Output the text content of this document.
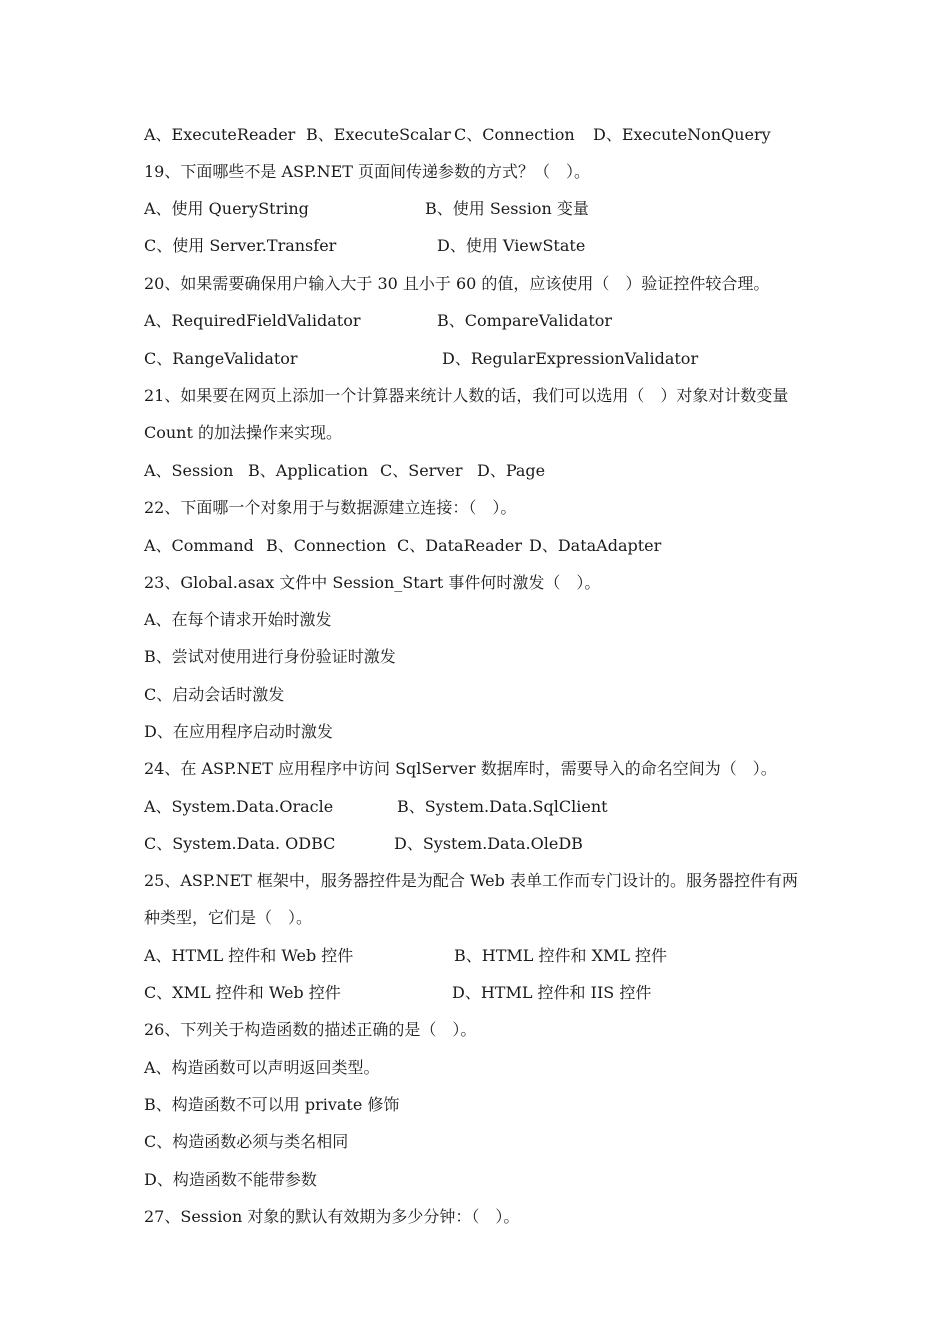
A、ExecuteReader B、ExecuteScalar C、Connection D、ExecuteNonQuery
19、下面哪些不是 ASP.NET 页面间传递参数的方式？（　）。
A、使用 QueryString	B、使用 Session 变量
C、使用 Server.Transfer	D、使用 ViewState
20、如果需要确保用户输入大于 30 且小于 60 的值，应该使用（　）验证控件较合理。
A、RequiredFieldValidator	B、CompareValidator
C、RangeValidator	D、RegularExpressionValidator
21、如果要在网页上添加一个计算器来统计人数的话，我们可以选用（　）对象对计数变量
Count 的加法操作来实现。
A、Session B、Application C、Server D、Page
22、下面哪一个对象用于与数据源建立连接：（　）。
A、Command B、Connection C、DataReader D、DataAdapter
23、Global.asax 文件中 Session_Start 事件何时激发（　）。
A、在每个请求开始时激发
B、尝试对使用进行身份验证时激发
C、启动会话时激发
D、在应用程序启动时激发
24、在 ASP.NET 应用程序中访问 SqlServer 数据库时，需要导入的命名空间为（　）。
A、System.Data.Oracle	B、System.Data.SqlClient
C、System.Data. ODBC	D、System.Data.OleDB
25、ASP.NET 框架中，服务器控件是为配合 Web 表单工作而专门设计的。服务器控件有两
种类型，它们是（　）。
A、HTML 控件和 Web 控件	B、HTML 控件和 XML 控件
C、XML 控件和 Web 控件	D、HTML 控件和 IIS 控件
26、下列关于构造函数的描述正确的是（　）。
A、构造函数可以声明返回类型。
B、构造函数不可以用 private 修饰
C、构造函数必须与类名相同
D、构造函数不能带参数
27、Session 对象的默认有效期为多少分钟：（　）。
